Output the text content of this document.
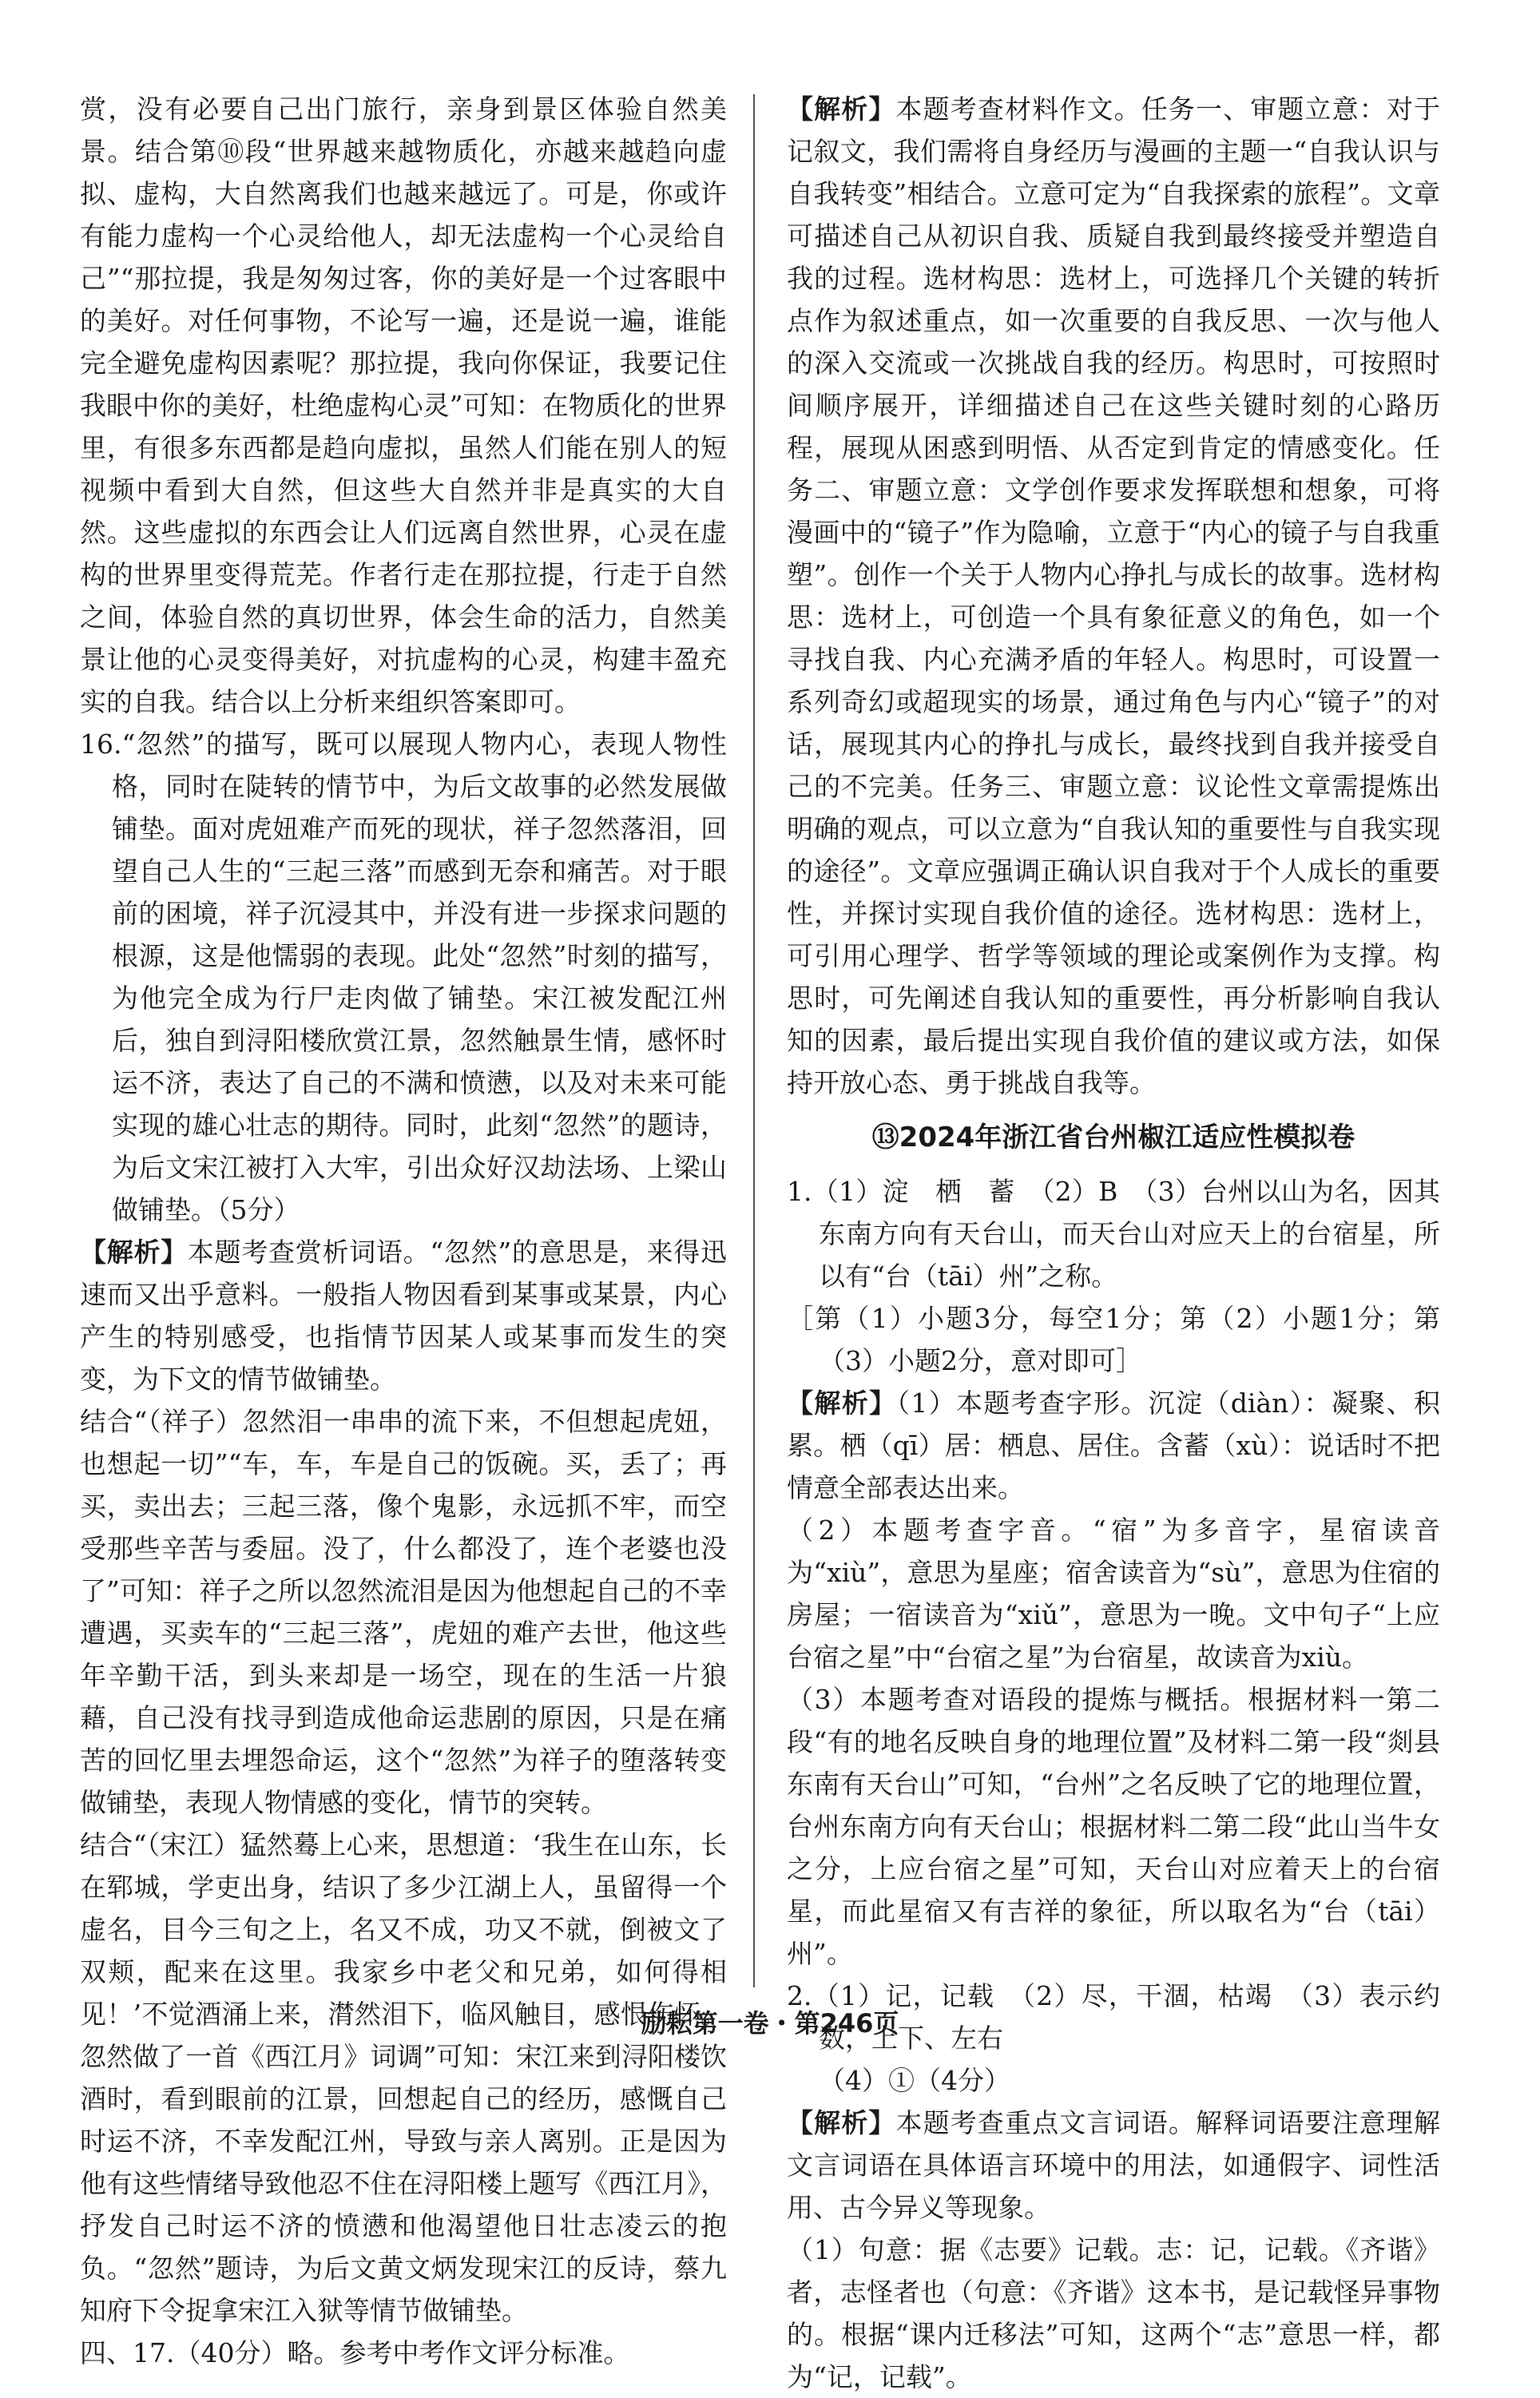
赏，没有必要自己出门旅行，亲身到景区体验自然美景。结合第⑩段“世界越来越物质化，亦越来越趋向虚拟、虚构，大自然离我们也越来越远了。可是，你或许有能力虚构一个心灵给他人，却无法虚构一个心灵给自己”“那拉提，我是匆匆过客，你的美好是一个过客眼中的美好。对任何事物，不论写一遍，还是说一遍，谁能完全避免虚构因素呢？那拉提，我向你保证，我要记住我眼中你的美好，杜绝虚构心灵”可知：在物质化的世界里，有很多东西都是趋向虚拟，虽然人们能在别人的短视频中看到大自然，但这些大自然并非是真实的大自然。这些虚拟的东西会让人们远离自然世界，心灵在虚构的世界里变得荒芜。作者行走在那拉提，行走于自然之间，体验自然的真切世界，体会生命的活力，自然美景让他的心灵变得美好，对抗虚构的心灵，构建丰盈充实的自我。结合以上分析来组织答案即可。

16.“忽然”的描写，既可以展现人物内心，表现人物性格，同时在陡转的情节中，为后文故事的必然发展做铺垫。面对虎妞难产而死的现状，祥子忽然落泪，回望自己人生的“三起三落”而感到无奈和痛苦。对于眼前的困境，祥子沉浸其中，并没有进一步探求问题的根源，这是他懦弱的表现。此处“忽然”时刻的描写，为他完全成为行尸走肉做了铺垫。宋江被发配江州后，独自到浔阳楼欣赏江景，忽然触景生情，感怀时运不济，表达了自己的不满和愤懑，以及对未来可能实现的雄心壮志的期待。同时，此刻“忽然”的题诗，为后文宋江被打入大牢，引出众好汉劫法场、上梁山做铺垫。（5分）

【解析】本题考查赏析词语。“忽然”的意思是，来得迅速而又出乎意料。一般指人物因看到某事或某景，内心产生的特别感受，也指情节因某人或某事而发生的突变，为下文的情节做铺垫。

结合“（祥子）忽然泪一串串的流下来，不但想起虎妞，也想起一切”“车，车，车是自己的饭碗。买，丢了；再买，卖出去；三起三落，像个鬼影，永远抓不牢，而空受那些辛苦与委屈。没了，什么都没了，连个老婆也没了”可知：祥子之所以忽然流泪是因为他想起自己的不幸遭遇，买卖车的“三起三落”，虎妞的难产去世，他这些年辛勤干活，到头来却是一场空，现在的生活一片狼藉，自己没有找寻到造成他命运悲剧的原因，只是在痛苦的回忆里去埋怨命运，这个“忽然”为祥子的堕落转变做铺垫，表现人物情感的变化，情节的突转。

结合“（宋江）猛然蓦上心来，思想道：‘我生在山东，长在郓城，学吏出身，结识了多少江湖上人，虽留得一个虚名，目今三旬之上，名又不成，功又不就，倒被文了双颊，配来在这里。我家乡中老父和兄弟，如何得相见！’不觉酒涌上来，潸然泪下，临风触目，感恨伤怀。忽然做了一首《西江月》词调”可知：宋江来到浔阳楼饮酒时，看到眼前的江景，回想起自己的经历，感慨自己时运不济，不幸发配江州，导致与亲人离别。正是因为他有这些情绪导致他忍不住在浔阳楼上题写《西江月》，抒发自己时运不济的愤懑和他渴望他日壮志凌云的抱负。“忽然”题诗，为后文黄文炳发现宋江的反诗，蔡九知府下令捉拿宋江入狱等情节做铺垫。

四、17.（40分）略。参考中考作文评分标准。

【解析】本题考查材料作文。任务一、审题立意：对于记叙文，我们需将自身经历与漫画的主题一“自我认识与自我转变”相结合。立意可定为“自我探索的旅程”。文章可描述自己从初识自我、质疑自我到最终接受并塑造自我的过程。选材构思：选材上，可选择几个关键的转折点作为叙述重点，如一次重要的自我反思、一次与他人的深入交流或一次挑战自我的经历。构思时，可按照时间顺序展开，详细描述自己在这些关键时刻的心路历程，展现从困惑到明悟、从否定到肯定的情感变化。任务二、审题立意：文学创作要求发挥联想和想象，可将漫画中的“镜子”作为隐喻，立意于“内心的镜子与自我重塑”。创作一个关于人物内心挣扎与成长的故事。选材构思：选材上，可创造一个具有象征意义的角色，如一个寻找自我、内心充满矛盾的年轻人。构思时，可设置一系列奇幻或超现实的场景，通过角色与内心“镜子”的对话，展现其内心的挣扎与成长，最终找到自我并接受自己的不完美。任务三、审题立意：议论性文章需提炼出明确的观点，可以立意为“自我认知的重要性与自我实现的途径”。文章应强调正确认识自我对于个人成长的重要性，并探讨实现自我价值的途径。选材构思：选材上，可引用心理学、哲学等领域的理论或案例作为支撑。构思时，可先阐述自我认知的重要性，再分析影响自我认知的因素，最后提出实现自我价值的建议或方法，如保持开放心态、勇于挑战自我等。

⑬2024年浙江省台州椒江适应性模拟卷

1.（1）淀　栖　蓄　（2）B　（3）台州以山为名，因其东南方向有天台山，而天台山对应天上的台宿星，所以有“台（tāi）州”之称。

［第（1）小题3分，每空1分；第（2）小题1分；第（3）小题2分，意对即可］

【解析】（1）本题考查字形。沉淀（diàn）：凝聚、积累。栖（qī）居：栖息、居住。含蓄（xù）：说话时不把情意全部表达出来。

（2）本题考查字音。“宿”为多音字，星宿读音为“xiù”，意思为星座；宿舍读音为“sù”，意思为住宿的房屋；一宿读音为“xiǔ”，意思为一晚。文中句子“上应台宿之星”中“台宿之星”为台宿星，故读音为xiù。

（3）本题考查对语段的提炼与概括。根据材料一第二段“有的地名反映自身的地理位置”及材料二第一段“剡县东南有天台山”可知，“台州”之名反映了它的地理位置，台州东南方向有天台山；根据材料二第二段“此山当牛女之分，上应台宿之星”可知，天台山对应着天上的台宿星，而此星宿又有吉祥的象征，所以取名为“台（tāi）州”。

2.（1）记，记载　（2）尽，干涸，枯竭　（3）表示约数，上下、左右

（4）①（4分）

【解析】本题考查重点文言词语。解释词语要注意理解文言词语在具体语言环境中的用法，如通假字、词性活用、古今异义等现象。

（1）句意：据《志要》记载。志：记，记载。《齐谐》者，志怪者也（句意：《齐谐》这本书，是记载怪异事物的。根据“课内迁移法”可知，这两个“志”意思一样，都为“记，记载”。

励耘第一卷・第246页
